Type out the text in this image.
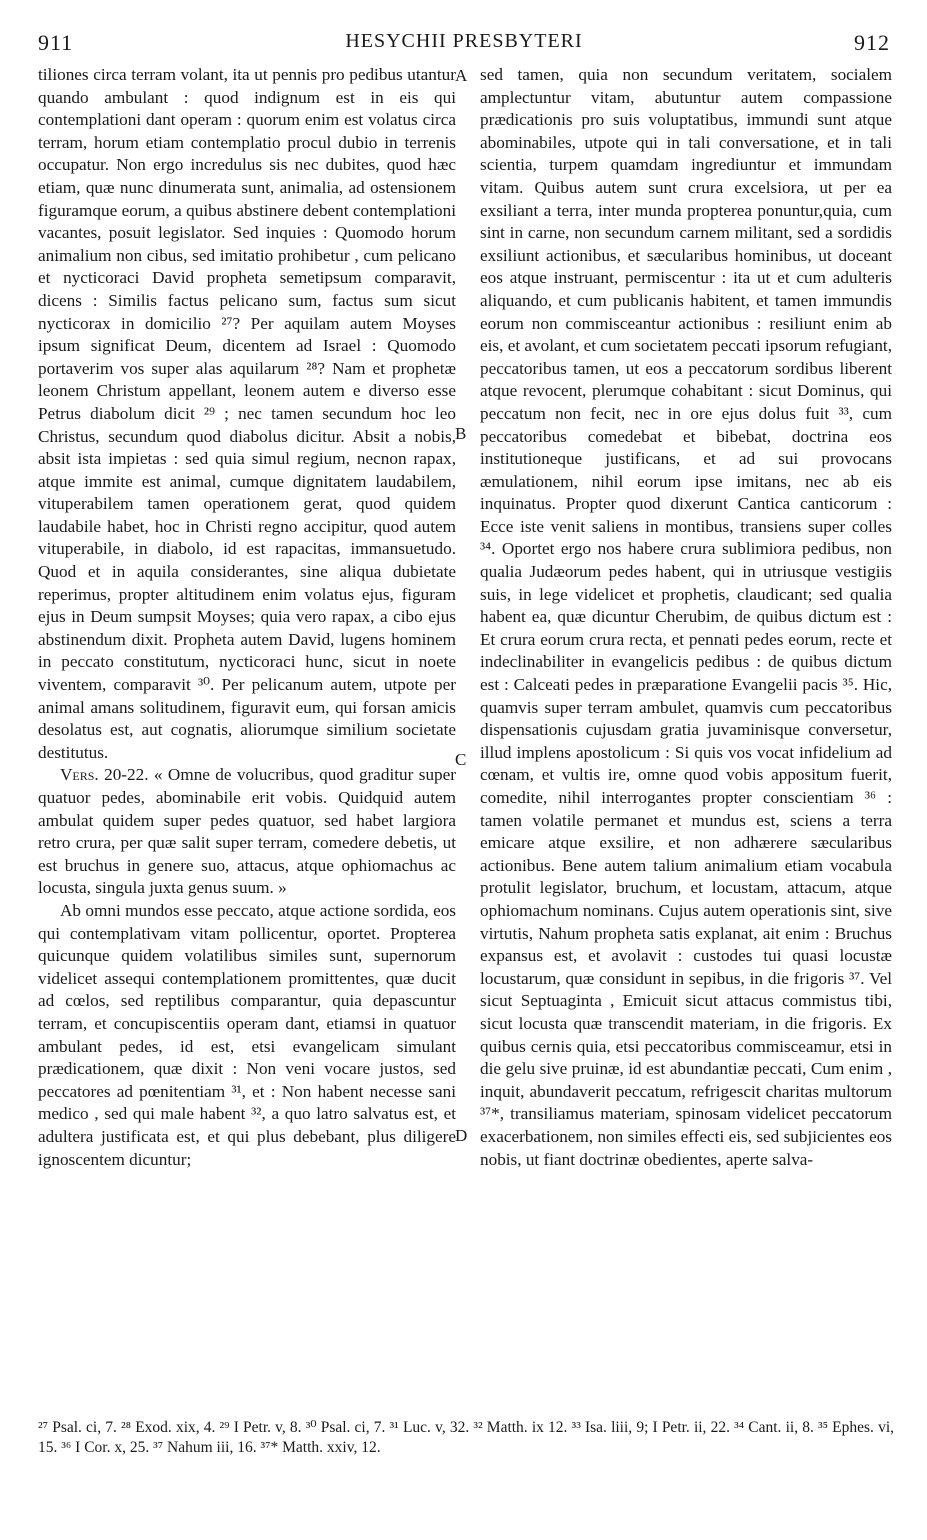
911	HESYCHII PRESBYTERI	912

tiliones circa terram volant, ita ut pennis pro pedibus utantur quando ambulant : quod indignum est in eis qui contemplationi dant operam : quorum enim est volatus circa terram, horum etiam contemplatio procul dubio in terrenis occupatur. Non ergo incredulus sis nec dubites, quod hæc etiam, quæ nunc dinumerata sunt, animalia, ad ostensionem figuramque eorum, a quibus abstinere debent contemplationi vacantes, posuit legislator. Sed inquies : Quomodo horum animalium non cibus, sed imitatio prohibetur , cum pelicano et nycticoraci David propheta semetipsum comparavit, dicens : Similis factus pelicano sum, factus sum sicut nycticorax in domicilio ²⁷? Per aquilam autem Moyses ipsum significat Deum, dicentem ad Israel : Quomodo portaverim vos super alas aquilarum ²⁸? Nam et prophetæ leonem Christum appellant, leonem autem e diverso esse Petrus diabolum dicit ²⁹ ; nec tamen secundum hoc leo Christus, secundum quod diabolus dicitur. Absit a nobis, absit ista impietas : sed quia simul regium, necnon rapax, atque immite est animal, cumque dignitatem laudabilem, vituperabilem tamen operationem gerat, quod quidem laudabile habet, hoc in Christi regno accipitur, quod autem vituperabile, in diabolo, id est rapacitas, immansuetudo. Quod et in aquila considerantes, sine aliqua dubietate reperimus, propter altitudinem enim volatus ejus, figuram ejus in Deum sumpsit Moyses; quia vero rapax, a cibo ejus abstinendum dixit. Propheta autem David, lugens hominem in peccato constitutum, nycticoraci hunc, sicut in noete viventem, comparavit ³⁰. Per pelicanum autem, utpote per animal amans solitudinem, figuravit eum, qui forsan amicis desolatus est, aut cognatis, aliorumque similium societate destitutus.

Vers. 20-22. « Omne de volucribus, quod graditur super quatuor pedes, abominabile erit vobis. Quidquid autem ambulat quidem super pedes quatuor, sed habet largiora retro crura, per quæ salit super terram, comedere debetis, ut est bruchus in genere suo, attacus, atque ophiomachus ac locusta, singula juxta genus suum. »

Ab omni mundos esse peccato, atque actione sordida, eos qui contemplativam vitam pollicentur, oportet. Propterea quicunque quidem volatilibus similes sunt, supernorum videlicet assequi contemplationem promittentes, quæ ducit ad cœlos, sed reptilibus comparantur, quia depascuntur terram, et concupiscentiis operam dant, etiamsi in quatuor ambulant pedes, id est, etsi evangelicam simulant prædicationem, quæ dixit : Non veni vocare justos, sed peccatores ad pœnitentiam ³¹, et : Non habent necesse sani medico , sed qui male habent ³², a quo latro salvatus est, et adultera justificata est, et qui plus debebant, plus diligere ignoscentem dicuntur;

A
B
C
D

sed tamen, quia non secundum veritatem, socialem amplectuntur vitam, abutuntur autem compassione prædicationis pro suis voluptatibus, immundi sunt atque abominabiles, utpote qui in tali conversatione, et in tali scientia, turpem quamdam ingrediuntur et immundam vitam. Quibus autem sunt crura excelsiora, ut per ea exsiliant a terra, inter munda propterea ponuntur,quia, cum sint in carne, non secundum carnem militant, sed a sordidis exsiliunt actionibus, et sæcularibus hominibus, ut doceant eos atque instruant, permiscentur : ita ut et cum adulteris aliquando, et cum publicanis habitent, et tamen immundis eorum non commisceantur actionibus : resiliunt enim ab eis, et avolant, et cum societatem peccati ipsorum refugiant, peccatoribus tamen, ut eos a peccatorum sordibus liberent atque revocent, plerumque cohabitant : sicut Dominus, qui peccatum non fecit, nec in ore ejus dolus fuit ³³, cum peccatoribus comedebat et bibebat, doctrina eos institutioneque justificans, et ad sui provocans æmulationem, nihil eorum ipse imitans, nec ab eis inquinatus. Propter quod dixerunt Cantica canticorum : Ecce iste venit saliens in montibus, transiens super colles ³⁴. Oportet ergo nos habere crura sublimiora pedibus, non qualia Judæorum pedes habent, qui in utriusque vestigiis suis, in lege videlicet et prophetis, claudicant; sed qualia habent ea, quæ dicuntur Cherubim, de quibus dictum est : Et crura eorum crura recta, et pennati pedes eorum, recte et indeclinabiliter in evangelicis pedibus : de quibus dictum est : Calceati pedes in præparatione Evangelii pacis ³⁵. Hic, quamvis super terram ambulet, quamvis cum peccatoribus dispensationis cujusdam gratia juvaminisque conversetur, illud implens apostolicum : Si quis vos vocat infidelium ad cœnam, et vultis ire, omne quod vobis appositum fuerit, comedite, nihil interrogantes propter conscientiam ³⁶ : tamen volatile permanet et mundus est, sciens a terra emicare atque exsilire, et non adhærere sæcularibus actionibus. Bene autem talium animalium etiam vocabula protulit legislator, bruchum, et locustam, attacum, atque ophiomachum nominans. Cujus autem operationis sint, sive virtutis, Nahum propheta satis explanat, ait enim : Bruchus expansus est, et avolavit : custodes tui quasi locustæ locustarum, quæ considunt in sepibus, in die frigoris ³⁷. Vel sicut Septuaginta , Emicuit sicut attacus commistus tibi, sicut locusta quæ transcendit materiam, in die frigoris. Ex quibus cernis quia, etsi peccatoribus commisceamur, etsi in die gelu sive pruinæ, id est abundantiæ peccati, Cum enim , inquit, abundaverit peccatum, refrigescit charitas multorum ³⁷*, transiliamus materiam, spinosam videlicet peccatorum exacerbationem, non similes effecti eis, sed subjicientes eos nobis, ut fiant doctrinæ obedientes, aperte salva-

²⁷ Psal. ci, 7. ²⁸ Exod. xix, 4. ²⁹ I Petr. v, 8. ³⁰ Psal. ci, 7. ³¹ Luc. v, 32. ³² Matth. ix 12. ³³ Isa. liii, 9; I Petr. ii, 22. ³⁴ Cant. ii, 8. ³⁵ Ephes. vi, 15. ³⁶ I Cor. x, 25. ³⁷ Nahum iii, 16. ³⁷* Matth. xxiv, 12.
